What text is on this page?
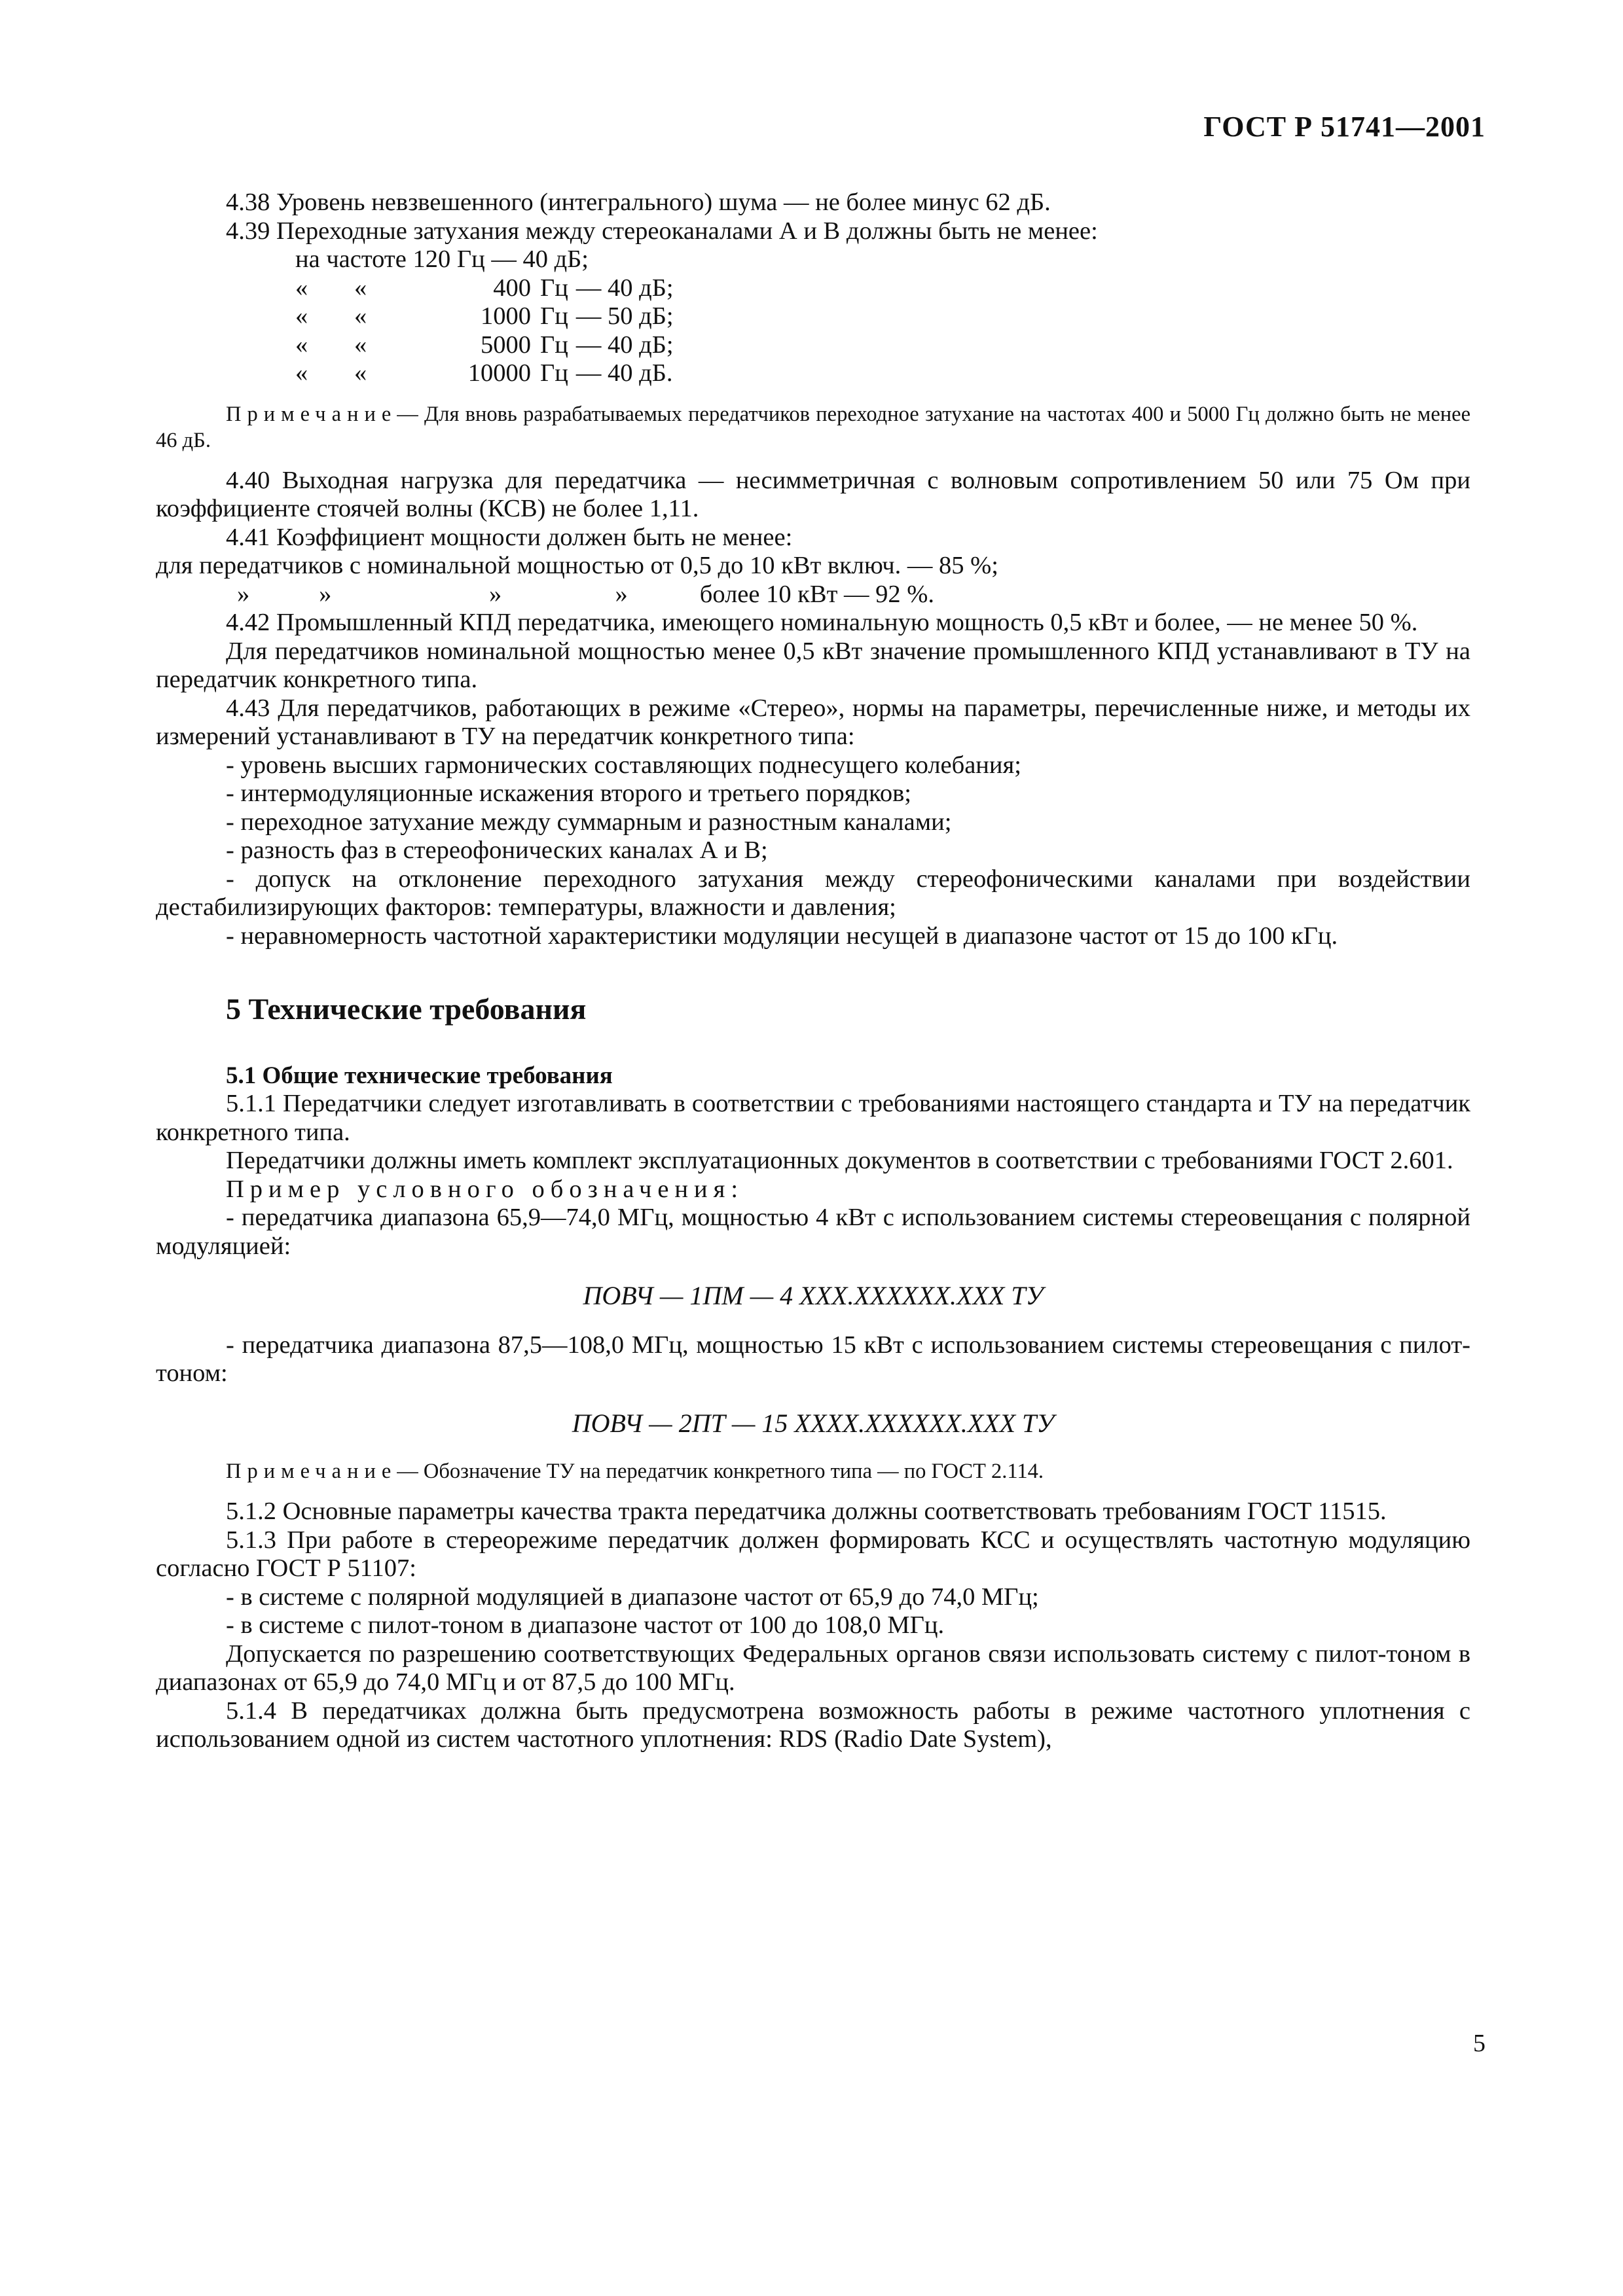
ГОСТ Р 51741—2001

4.38 Уровень невзвешенного (интегрального) шума — не более минус 62 дБ.

4.39 Переходные затухания между стереоканалами А и В должны быть не менее:

на частоте 120 Гц — 40 дБ;

«	«	400	Гц	— 40 дБ;
«	«	1000	Гц	— 50 дБ;
«	«	5000	Гц	— 40 дБ;
«	«	10000	Гц	— 40 дБ.

Примечание— Для вновь разрабатываемых передатчиков переходное затухание на частотах 400 и 5000 Гц должно быть не менее 46 дБ.

4.40 Выходная нагрузка для передатчика — несимметричная с волновым сопротивлением 50 или 75 Ом при коэффициенте стоячей волны (КСВ) не более 1,11.

4.41 Коэффициент мощности должен быть не менее:

для передатчиков с номинальной мощностью от 0,5 до 10 кВт включ. — 85 %;

»           »                         »                  »	более 10 кВт — 92 %.

4.42 Промышленный КПД передатчика, имеющего номинальную мощность 0,5 кВт и более, — не менее 50 %.

Для передатчиков номинальной мощностью менее 0,5 кВт значение промышленного КПД устанавливают в ТУ на передатчик конкретного типа.

4.43 Для передатчиков, работающих в режиме «Стерео», нормы на параметры, перечисленные ниже, и методы их измерений устанавливают в ТУ на передатчик конкретного типа:

- уровень высших гармонических составляющих поднесущего колебания;

- интермодуляционные искажения второго и третьего порядков;

- переходное затухание между суммарным и разностным каналами;

- разность фаз в стереофонических каналах А и В;

- допуск на отклонение переходного затухания между стереофоническими каналами при воздействии дестабилизирующих факторов: температуры, влажности и давления;

- неравномерность частотной характеристики модуляции несущей в диапазоне частот от 15 до 100 кГц.

5 Технические требования
5.1 Общие технические требования

5.1.1 Передатчики следует изготавливать в соответствии с требованиями настоящего стандарта и ТУ на передатчик конкретного типа.

Передатчики должны иметь комплект эксплуатационных документов в соответствии с требованиями ГОСТ 2.601.

Пример условного обозначения:

- передатчика диапазона 65,9—74,0 МГц, мощностью 4 кВт с использованием системы стереовещания с полярной модуляцией:

ПОВЧ — 1ПМ — 4 ХХХ.ХХХХХХ.ХХХ ТУ

- передатчика диапазона 87,5—108,0 МГц, мощностью 15 кВт с использованием системы стереовещания с пилот-тоном:

ПОВЧ — 2ПТ — 15 ХХХХ.ХХХХХХ.ХХХ ТУ

Примечание— Обозначение ТУ на передатчик конкретного типа — по ГОСТ 2.114.

5.1.2 Основные параметры качества тракта передатчика должны соответствовать требованиям ГОСТ 11515.

5.1.3 При работе в стереорежиме передатчик должен формировать КСС и осуществлять частотную модуляцию согласно ГОСТ Р 51107:

- в системе с полярной модуляцией в диапазоне частот от 65,9 до 74,0 МГц;

- в системе с пилот-тоном в диапазоне частот от 100 до 108,0 МГц.

Допускается по разрешению соответствующих Федеральных органов связи использовать систему с пилот-тоном в диапазонах от 65,9 до 74,0 МГц и от 87,5 до 100 МГц.

5.1.4 В передатчиках должна быть предусмотрена возможность работы в режиме частотного уплотнения с использованием одной из систем частотного уплотнения: RDS (Radio Date System),

5
